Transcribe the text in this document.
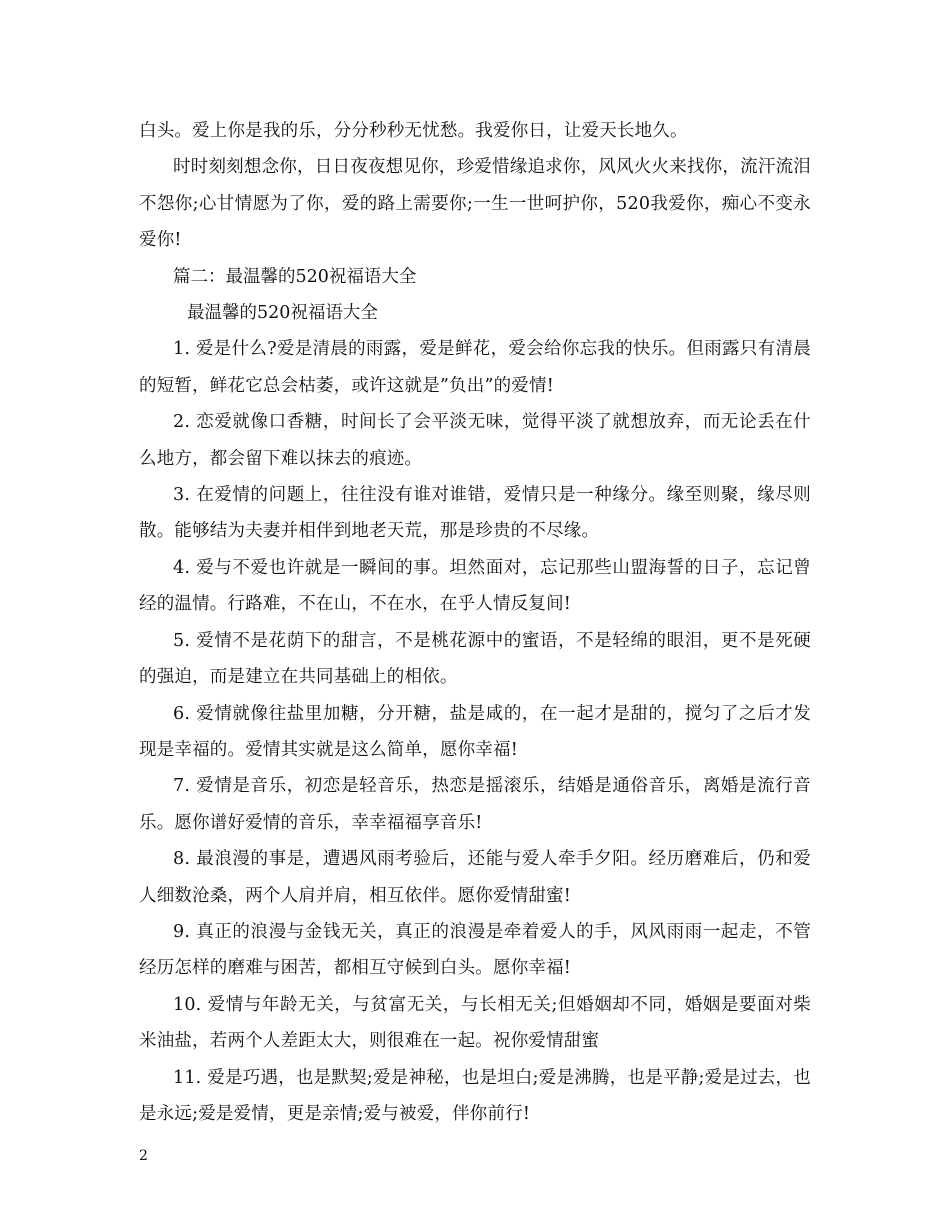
白头。爱上你是我的乐，分分秒秒无忧愁。我爱你日，让爱天长地久。

时时刻刻想念你，日日夜夜想见你，珍爱惜缘追求你，风风火火来找你，流汗流泪不怨你;心甘情愿为了你，爱的路上需要你;一生一世呵护你，520我爱你，痴心不变永爱你!

篇二：最温馨的520祝福语大全

最温馨的520祝福语大全

1. 爱是什么?爱是清晨的雨露，爱是鲜花，爱会给你忘我的快乐。但雨露只有清晨的短暂，鲜花它总会枯萎，或许这就是”负出”的爱情!

2. 恋爱就像口香糖，时间长了会平淡无味，觉得平淡了就想放弃，而无论丢在什么地方，都会留下难以抹去的痕迹。

3. 在爱情的问题上，往往没有谁对谁错，爱情只是一种缘分。缘至则聚，缘尽则散。能够结为夫妻并相伴到地老天荒，那是珍贵的不尽缘。

4. 爱与不爱也许就是一瞬间的事。坦然面对，忘记那些山盟海誓的日子，忘记曾经的温情。行路难，不在山，不在水，在乎人情反复间!

5. 爱情不是花荫下的甜言，不是桃花源中的蜜语，不是轻绵的眼泪，更不是死硬的强迫，而是建立在共同基础上的相依。

6. 爱情就像往盐里加糖，分开糖，盐是咸的，在一起才是甜的，搅匀了之后才发现是幸福的。爱情其实就是这么简单，愿你幸福!

7. 爱情是音乐，初恋是轻音乐，热恋是摇滚乐，结婚是通俗音乐，离婚是流行音乐。愿你谱好爱情的音乐，幸幸福福享音乐!

8. 最浪漫的事是，遭遇风雨考验后，还能与爱人牵手夕阳。经历磨难后，仍和爱人细数沧桑，两个人肩并肩，相互依伴。愿你爱情甜蜜!

9. 真正的浪漫与金钱无关，真正的浪漫是牵着爱人的手，风风雨雨一起走，不管经历怎样的磨难与困苦，都相互守候到白头。愿你幸福!

10. 爱情与年龄无关，与贫富无关，与长相无关;但婚姻却不同，婚姻是要面对柴米油盐，若两个人差距太大，则很难在一起。祝你爱情甜蜜

11. 爱是巧遇，也是默契;爱是神秘，也是坦白;爱是沸腾，也是平静;爱是过去，也是永远;爱是爱情，更是亲情;爱与被爱，伴你前行!

2
